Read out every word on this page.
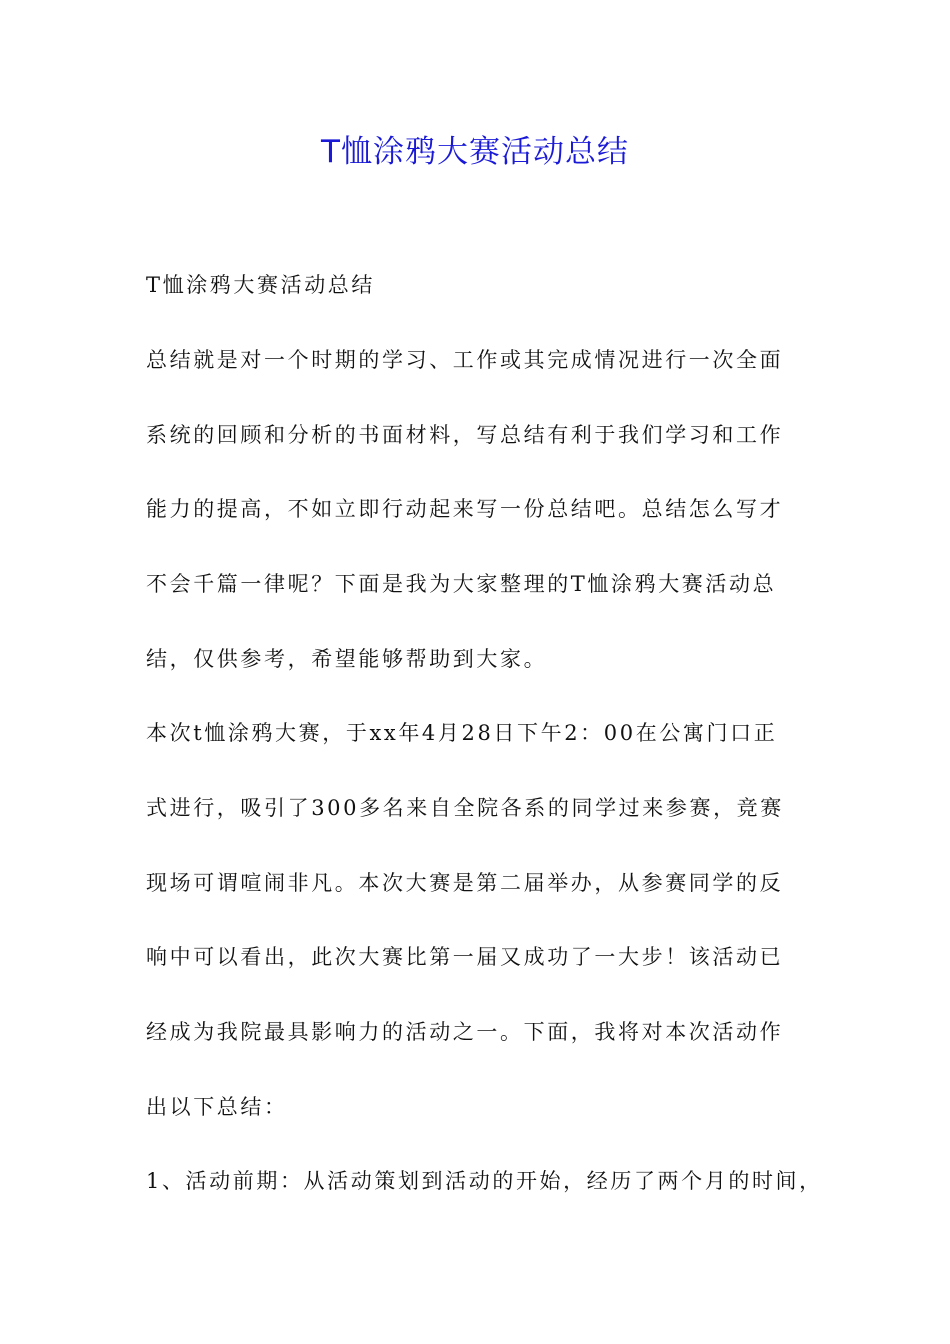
T恤涂鸦大赛活动总结

T恤涂鸦大赛活动总结

总结就是对一个时期的学习、工作或其完成情况进行一次全面

系统的回顾和分析的书面材料，写总结有利于我们学习和工作

能力的提高，不如立即行动起来写一份总结吧。总结怎么写才

不会千篇一律呢？下面是我为大家整理的T恤涂鸦大赛活动总

结，仅供参考，希望能够帮助到大家。

本次t恤涂鸦大赛，于xx年4月28日下午2：00在公寓门口正

式进行，吸引了300多名来自全院各系的同学过来参赛，竞赛

现场可谓喧闹非凡。本次大赛是第二届举办，从参赛同学的反

响中可以看出，此次大赛比第一届又成功了一大步！该活动已

经成为我院最具影响力的活动之一。下面，我将对本次活动作

出以下总结：

1、活动前期：从活动策划到活动的开始，经历了两个月的时间，
